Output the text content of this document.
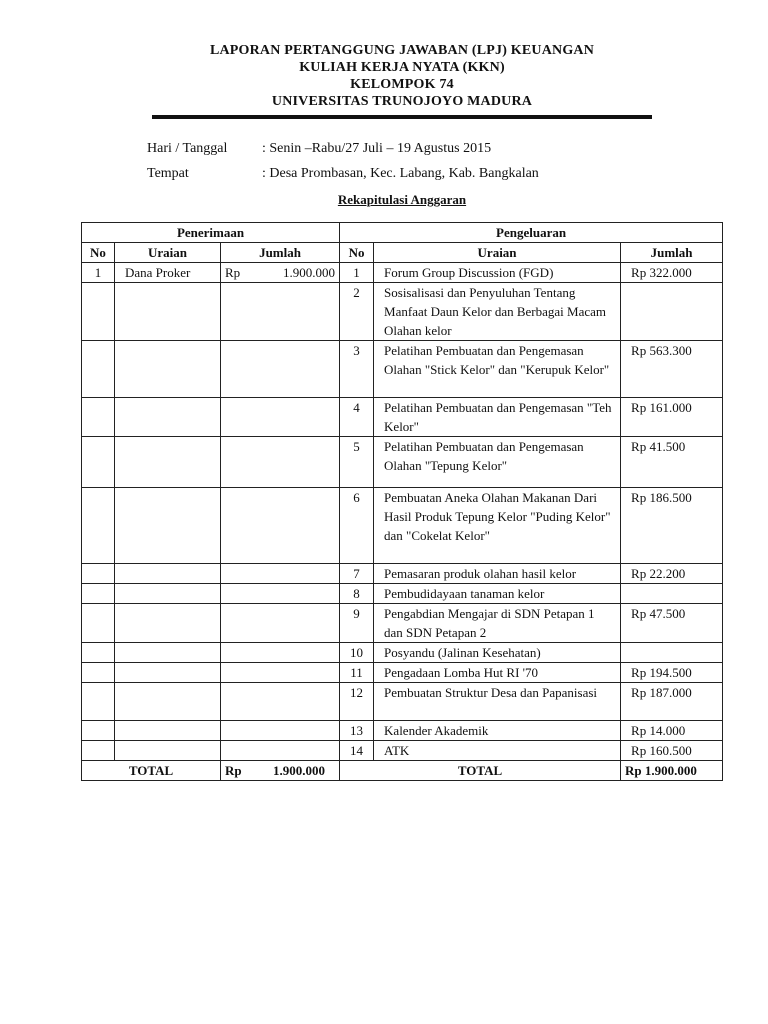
LAPORAN PERTANGGUNG JAWABAN (LPJ) KEUANGAN
KULIAH KERJA NYATA (KKN)
KELOMPOK 74
UNIVERSITAS TRUNOJOYO MADURA
Hari / Tanggal	: Senin –Rabu/27 Juli – 19 Agustus 2015
Tempat	: Desa Prombasan, Kec. Labang, Kab. Bangkalan
Rekapitulasi Anggaran
Penerimaan			Pengeluaran		
No	Uraian	Jumlah	No	Uraian	Jumlah
1	Dana Proker	Rp 1.900.000	1	Forum Group Discussion (FGD)	Rp 322.000
			2	Sosisalisasi dan Penyuluhan Tentang Manfaat Daun Kelor dan Berbagai Macam Olahan kelor	
			3	Pelatihan Pembuatan dan Pengemasan Olahan "Stick Kelor" dan "Kerupuk Kelor"	Rp 563.300
			4	Pelatihan Pembuatan dan Pengemasan "Teh Kelor"	Rp 161.000
			5	Pelatihan Pembuatan dan Pengemasan Olahan "Tepung Kelor"	Rp 41.500
			6	Pembuatan Aneka Olahan Makanan Dari Hasil Produk Tepung Kelor "Puding Kelor" dan "Cokelat Kelor"	Rp 186.500
			7	Pemasaran produk olahan hasil kelor	Rp 22.200
			8	Pembudidayaan tanaman kelor	
			9	Pengabdian Mengajar di SDN Petapan 1 dan SDN Petapan 2	Rp 47.500
			10	Posyandu (Jalinan Kesehatan)	
			11	Pengadaan Lomba Hut RI '70	Rp 194.500
			12	Pembuatan Struktur Desa dan Papanisasi	Rp 187.000
			13	Kalender Akademik	Rp 14.000
			14	ATK	Rp 160.500
TOTAL		Rp 1.900.000	TOTAL		Rp 1.900.000
